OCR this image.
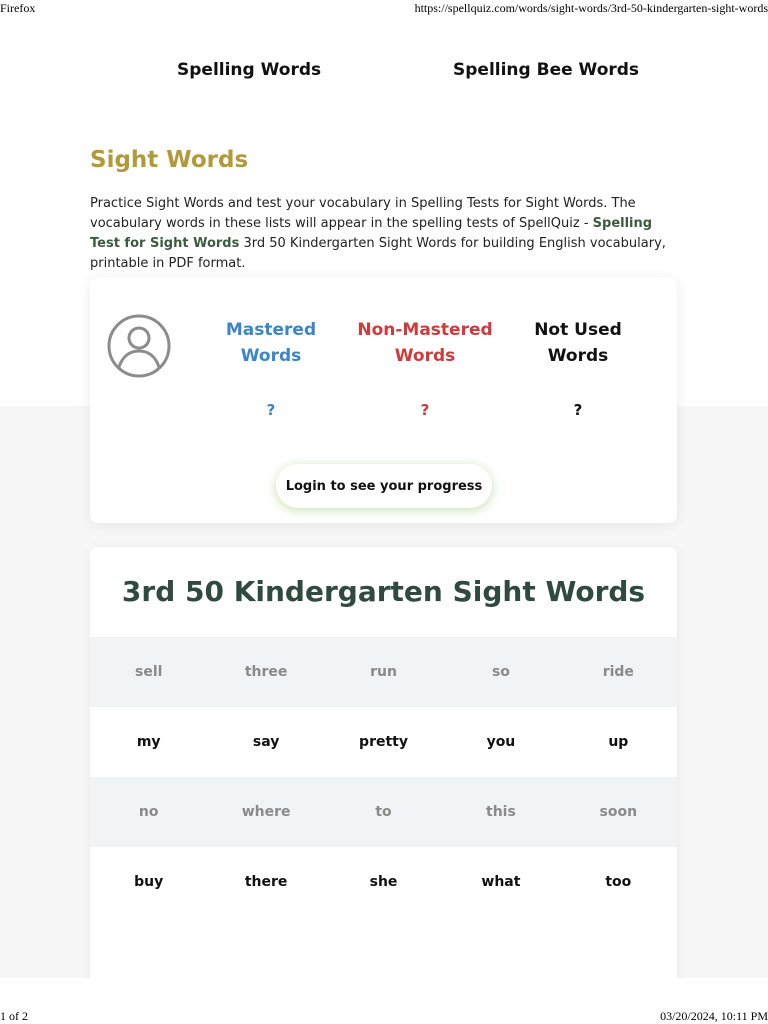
Firefox	https://spellquiz.com/words/sight-words/3rd-50-kindergarten-sight-words
Spelling Words	Spelling Bee Words
Sight Words

Practice Sight Words and test your vocabulary in Spelling Tests for Sight Words. The vocabulary words in these lists will appear in the spelling tests of SpellQuiz - Spelling Test for Sight Words 3rd 50 Kindergarten Sight Words for building English vocabulary, printable in PDF format.

Mastered Words
Non-Mastered Words
Not Used Words
?	?	?
Login to see your progress
3rd 50 Kindergarten Sight Words
sell	three	run	so	ride
my	say	pretty	you	up
no	where	to	this	soon
buy	there	she	what	too
1 of 2	03/20/2024, 10:11 PM
